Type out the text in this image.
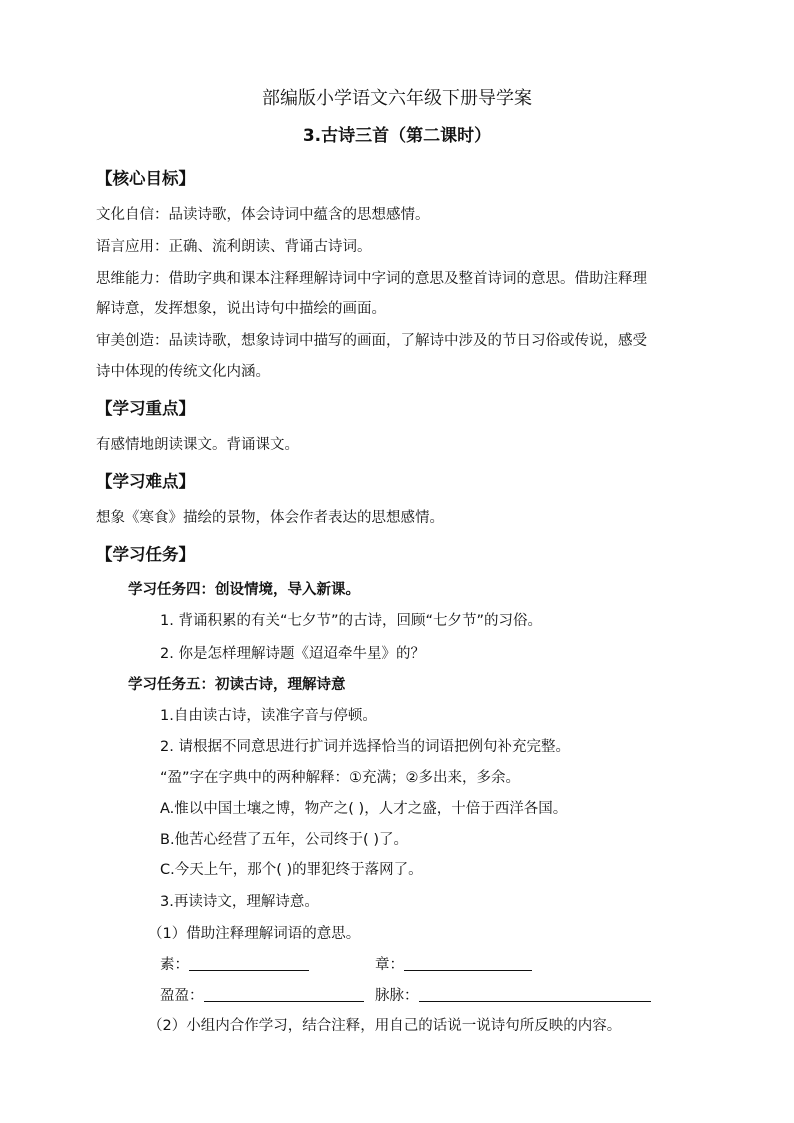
部编版小学语文六年级下册导学案
3.古诗三首（第二课时）
【核心目标】
文化自信：品读诗歌，体会诗词中蕴含的思想感情。
语言应用：正确、流利朗读、背诵古诗词。
思维能力：借助字典和课本注释理解诗词中字词的意思及整首诗词的意思。借助注释理
解诗意，发挥想象，说出诗句中描绘的画面。
审美创造：品读诗歌，想象诗词中描写的画面，了解诗中涉及的节日习俗或传说，感受
诗中体现的传统文化内涵。
【学习重点】
有感情地朗读课文。背诵课文。
【学习难点】
想象《寒食》描绘的景物，体会作者表达的思想感情。
【学习任务】
学习任务四：创设情境，导入新课。
1. 背诵积累的有关“七夕节”的古诗，回顾“七夕节”的习俗。
2. 你是怎样理解诗题《迢迢牵牛星》的？
学习任务五：初读古诗，理解诗意
1.自由读古诗，读准字音与停顿。
2. 请根据不同意思进行扩词并选择恰当的词语把例句补充完整。
“盈”字在字典中的两种解释：①充满；②多出来，多余。
A.惟以中国土壤之博，物产之( )，人才之盛，十倍于西洋各国。
B.他苦心经营了五年，公司终于( )了。
C.今天上午，那个( )的罪犯终于落网了。
3.再读诗文，理解诗意。
（1）借助注释理解词语的意思。
素：	章：
盈盈：	脉脉：
（2）小组内合作学习，结合注释，用自己的话说一说诗句所反映的内容。
